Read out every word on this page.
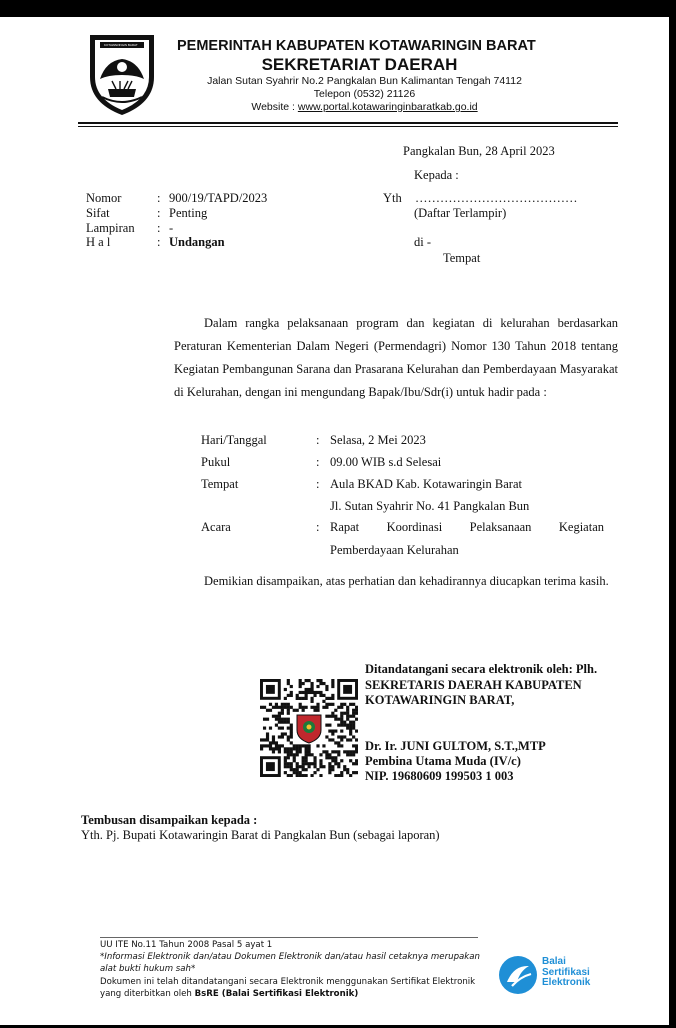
KOTAWARINGIN BARAT	PEMERINTAH KABUPATEN KOTAWARINGIN BARAT
SEKRETARIAT DAERAH
Jalan Sutan Syahrir No.2 Pangkalan Bun Kalimantan Tengah 74112
Telepon (0532) 21126
Website : www.portal.kotawaringinbaratkab.go.id
Pangkalan Bun, 28 April 2023
Kepada :
Nomor	: 900/19/TAPD/2023
Sifat	: Penting
Lampiran : -
H a l	: Undangan
Yth …………………………………
(Daftar Terlampir)
di -
Tempat
Dalam rangka pelaksanaan program dan kegiatan di kelurahan berdasarkan Peraturan Kementerian Dalam Negeri (Permendagri) Nomor 130 Tahun 2018 tentang Kegiatan Pembangunan Sarana dan Prasarana Kelurahan dan Pemberdayaan Masyarakat di Kelurahan, dengan ini mengundang Bapak/Ibu/Sdr(i) untuk hadir pada :
Hari/Tanggal	: Selasa, 2 Mei 2023
Pukul	: 09.00 WIB s.d Selesai
Tempat	: Aula BKAD Kab. Kotawaringin Barat
Jl. Sutan Syahrir No. 41 Pangkalan Bun
Acara	: Rapat Koordinasi Pelaksanaan Kegiatan
Pemberdayaan Kelurahan
Demikian disampaikan, atas perhatian dan kehadirannya diucapkan terima kasih.
Ditandatangani secara elektronik oleh: Plh.
SEKRETARIS DAERAH KABUPATEN
KOTAWARINGIN BARAT,
Dr. Ir. JUNI GULTOM, S.T.,MTP
Pembina Utama Muda (IV/c)
NIP. 19680609 199503 1 003
Tembusan disampaikan kepada :
Yth. Pj. Bupati Kotawaringin Barat di Pangkalan Bun (sebagai laporan)
UU ITE No.11 Tahun 2008 Pasal 5 ayat 1
*Informasi Elektronik dan/atau Dokumen Elektronik dan/atau hasil cetaknya merupakan alat bukti hukum sah*
Dokumen ini telah ditandatangani secara Elektronik menggunakan Sertifikat Elektronik yang diterbitkan oleh BsRE (Balai Sertifikasi Elektronik)
Balai
Sertifikasi
Elektronik
